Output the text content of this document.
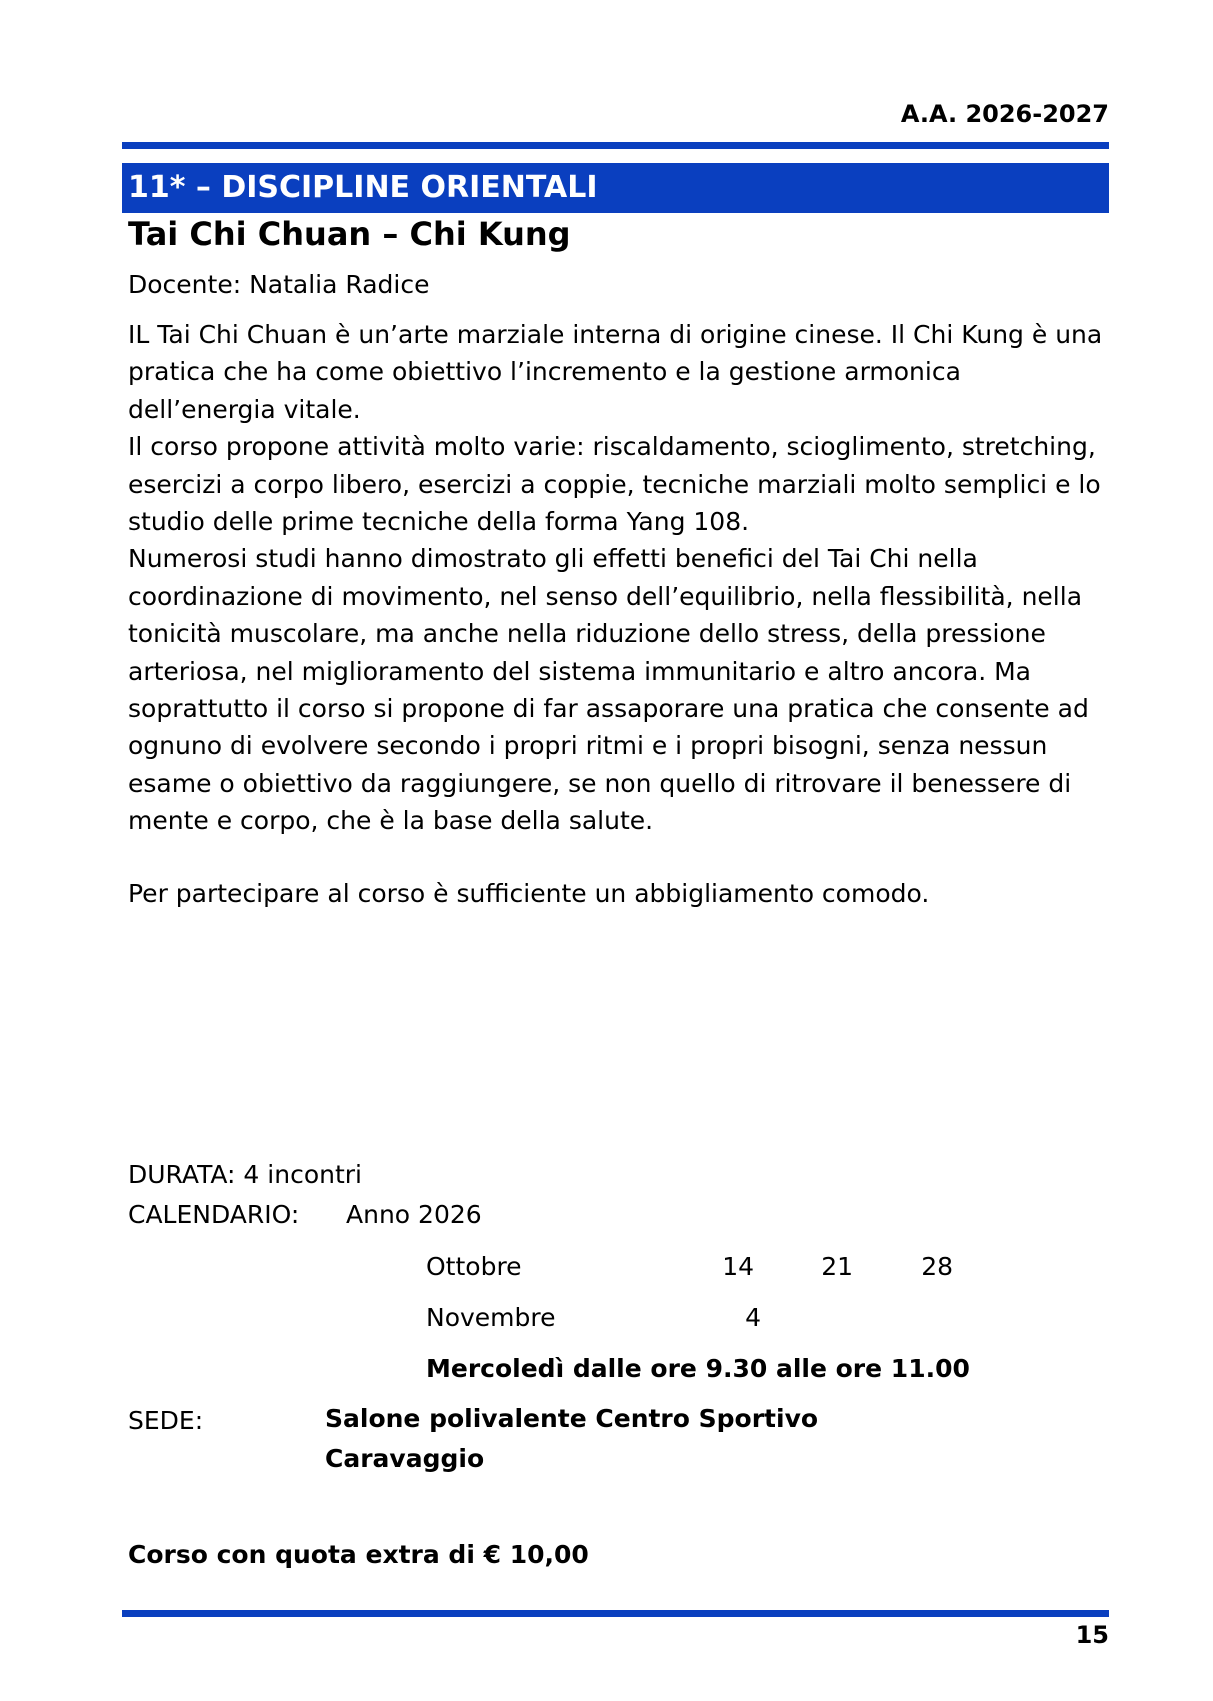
A.A. 2026-2027
11* – DISCIPLINE ORIENTALI
Tai Chi Chuan – Chi Kung
Docente: Natalia Radice

IL Tai Chi Chuan è un’arte marziale interna di origine cinese. Il Chi Kung è una pratica che ha come obiettivo l’incremento e la gestione armonica dell’energia vitale.

Il corso propone attività molto varie: riscaldamento, scioglimento, stretching, esercizi a corpo libero, esercizi a coppie, tecniche marziali molto semplici e lo studio delle prime tecniche della forma Yang 108.

Numerosi studi hanno dimostrato gli effetti benefici del Tai Chi nella coordinazione di movimento, nel senso dell’equilibrio, nella flessibilità, nella tonicità muscolare, ma anche nella riduzione dello stress, della pressione arteriosa, nel miglioramento del sistema immunitario e altro ancora. Ma soprattutto il corso si propone di far assaporare una pratica che consente ad ognuno di evolvere secondo i propri ritmi e i propri bisogni, senza nessun esame o obiettivo da raggiungere, se non quello di ritrovare il benessere di mente e corpo, che è la base della salute.

Per partecipare al corso è sufficiente un abbigliamento comodo.
DURATA: 4 incontri
CALENDARIO: Anno 2026
Ottobre	14	21	28
Novembre	4
Mercoledì dalle ore 9.30 alle ore 11.00
SEDE:	Salone polivalente Centro Sportivo
Caravaggio
Corso con quota extra di € 10,00
15
